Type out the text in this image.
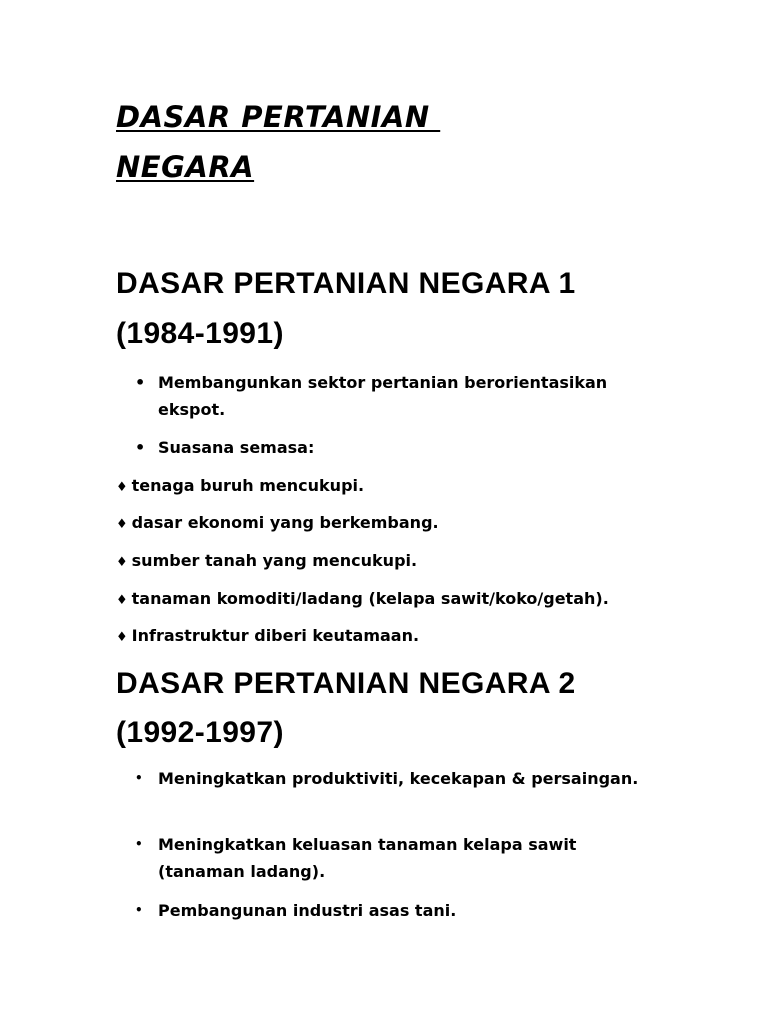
DASAR PERTANIAN
NEGARA
DASAR PERTANIAN NEGARA 1
(1984-1991)
• Membangunkan sektor pertanian berorientasikan ekspot.
• Suasana semasa:
♦ tenaga buruh mencukupi.
♦ dasar ekonomi yang berkembang.
♦ sumber tanah yang mencukupi.
♦ tanaman komoditi/ladang (kelapa sawit/koko/getah).
♦ Infrastruktur diberi keutamaan.
DASAR PERTANIAN NEGARA 2
(1992-1997)
• Meningkatkan produktiviti, kecekapan & persaingan.
• Meningkatkan keluasan tanaman kelapa sawit (tanaman ladang).
• Pembangunan industri asas tani.
